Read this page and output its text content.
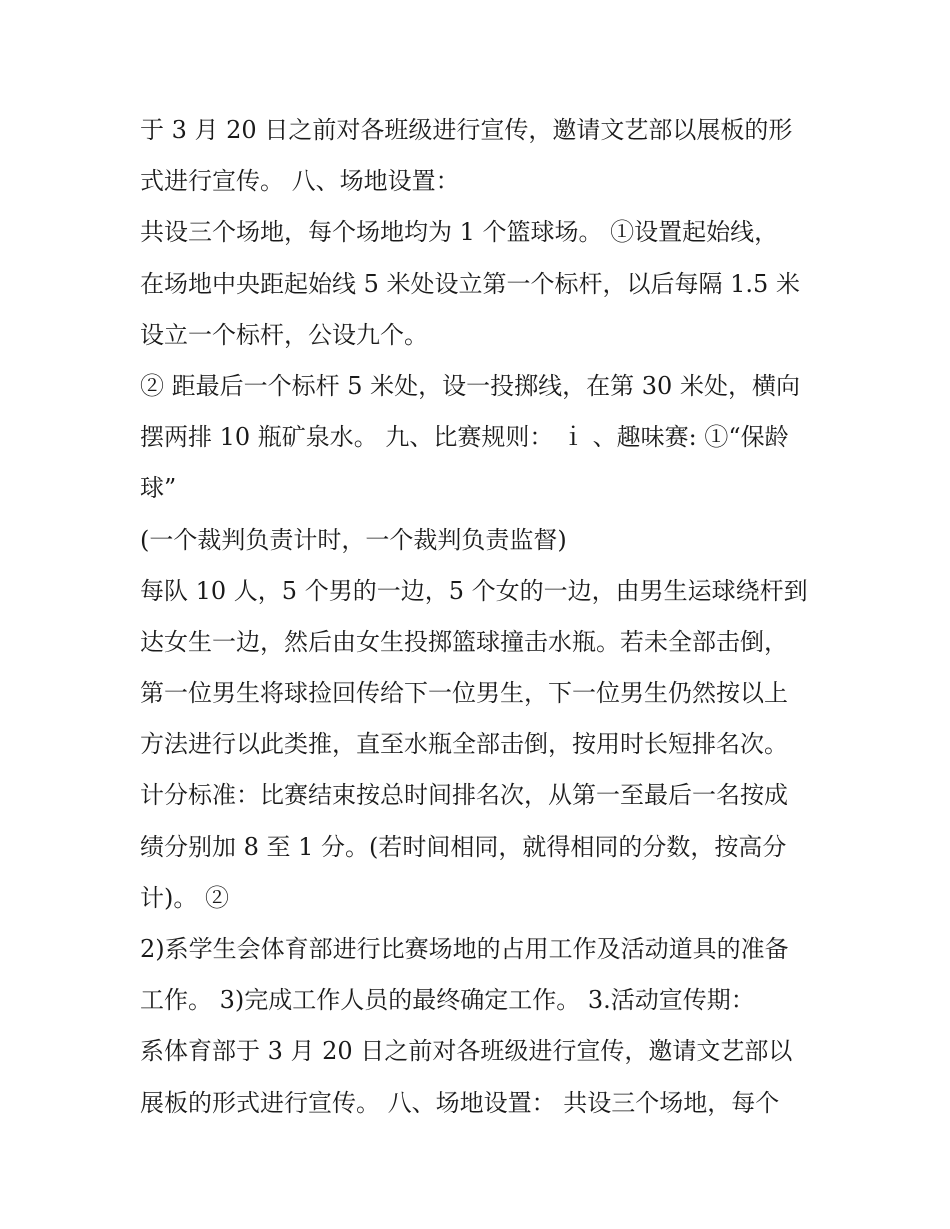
于 3 月 20 日之前对各班级进行宣传，邀请文艺部以展板的形
式进行宣传。 八、场地设置：
共设三个场地，每个场地均为 1 个篮球场。 ①设置起始线，
在场地中央距起始线 5 米处设立第一个标杆，以后每隔 1.5 米
设立一个标杆，公设九个。
② 距最后一个标杆 5 米处，设一投掷线，在第 30 米处，横向
摆两排 10 瓶矿泉水。 九、比赛规则： ｉ 、趣味赛: ①“保龄
球”
(一个裁判负责计时，一个裁判负责监督)
每队 10 人，5 个男的一边，5 个女的一边，由男生运球绕杆到
达女生一边，然后由女生投掷篮球撞击水瓶。若未全部击倒，
第一位男生将球捡回传给下一位男生，下一位男生仍然按以上
方法进行以此类推，直至水瓶全部击倒，按用时长短排名次。
计分标准：比赛结束按总时间排名次，从第一至最后一名按成
绩分别加 8 至 1 分。(若时间相同，就得相同的分数，按高分
计)。 ②
2)系学生会体育部进行比赛场地的占用工作及活动道具的准备
工作。 3)完成工作人员的最终确定工作。 3.活动宣传期：
系体育部于 3 月 20 日之前对各班级进行宣传，邀请文艺部以
展板的形式进行宣传。 八、场地设置： 共设三个场地，每个
